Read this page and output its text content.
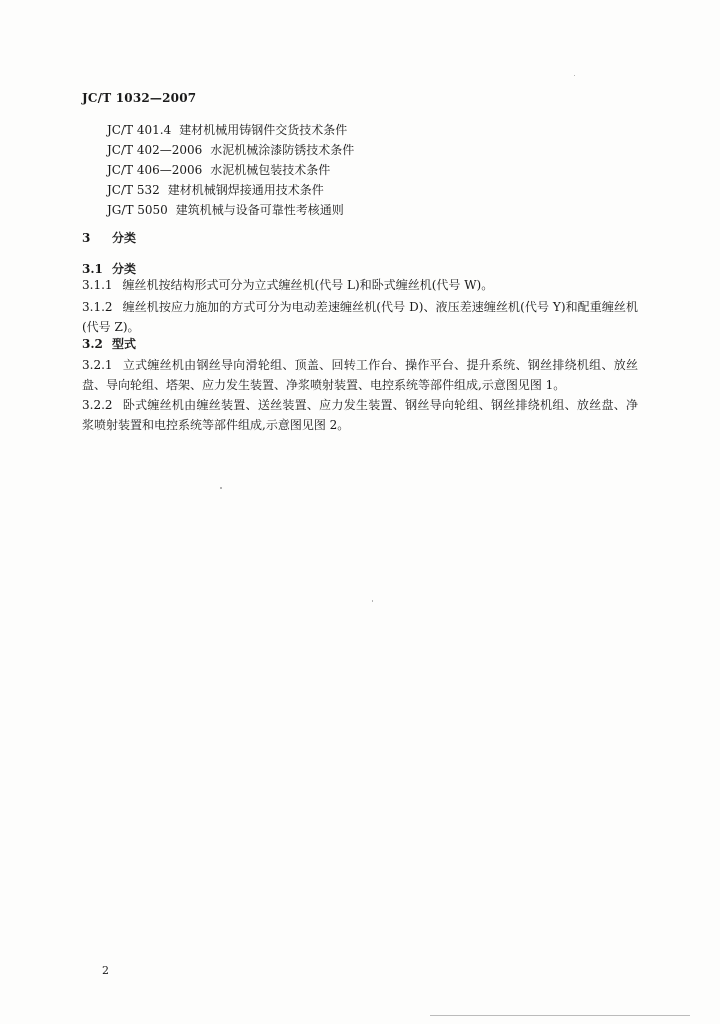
JC/T 1032—2007
JC/T 401.4 建材机械用铸钢件交货技术条件
JC/T 402—2006 水泥机械涂漆防锈技术条件
JC/T 406—2006 水泥机械包装技术条件
JC/T 532 建材机械钢焊接通用技术条件
JG/T 5050 建筑机械与设备可靠性考核通则
3 分类
3.1 分类

3.1.1 缠丝机按结构形式可分为立式缠丝机(代号 L)和卧式缠丝机(代号 W)。

3.1.2 缠丝机按应力施加的方式可分为电动差速缠丝机(代号 D)、液压差速缠丝机(代号 Y)和配重缠丝机(代号 Z)。

3.2 型式

3.2.1 立式缠丝机由钢丝导向滑轮组、顶盖、回转工作台、操作平台、提升系统、钢丝排绕机组、放丝盘、导向轮组、塔架、应力发生装置、净浆喷射装置、电控系统等部件组成,示意图见图 1。

3.2.2 卧式缠丝机由缠丝装置、送丝装置、应力发生装置、钢丝导向轮组、钢丝排绕机组、放丝盘、净浆喷射装置和电控系统等部件组成,示意图见图 2。

2
